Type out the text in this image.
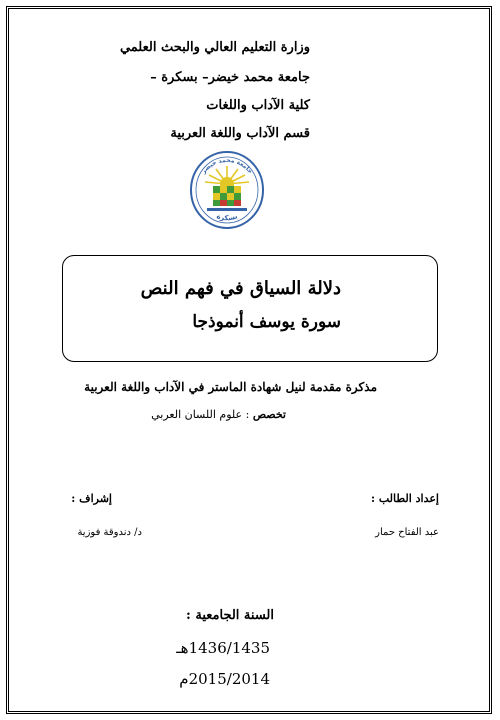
وزارة التعليم العالي والبحث العلمي
جامعة محمد خيضر– بسكرة –
كلية الآداب واللغات
قسم الآداب واللغة العربية
جامعة محمد خيضر
بسكرة
دلالة السياق في فهم النص
سورة يوسف أنموذجا
مذكرة مقدمة لنيل شهادة الماستر في الآداب واللغة العربية
تخصص : علوم اللسان العربي
إعداد الطالب :
عبد الفتاح حمار
إشراف :
د/ دندوقة فوزية
السنة الجامعية :
1436/1435هـ
2015/2014م
